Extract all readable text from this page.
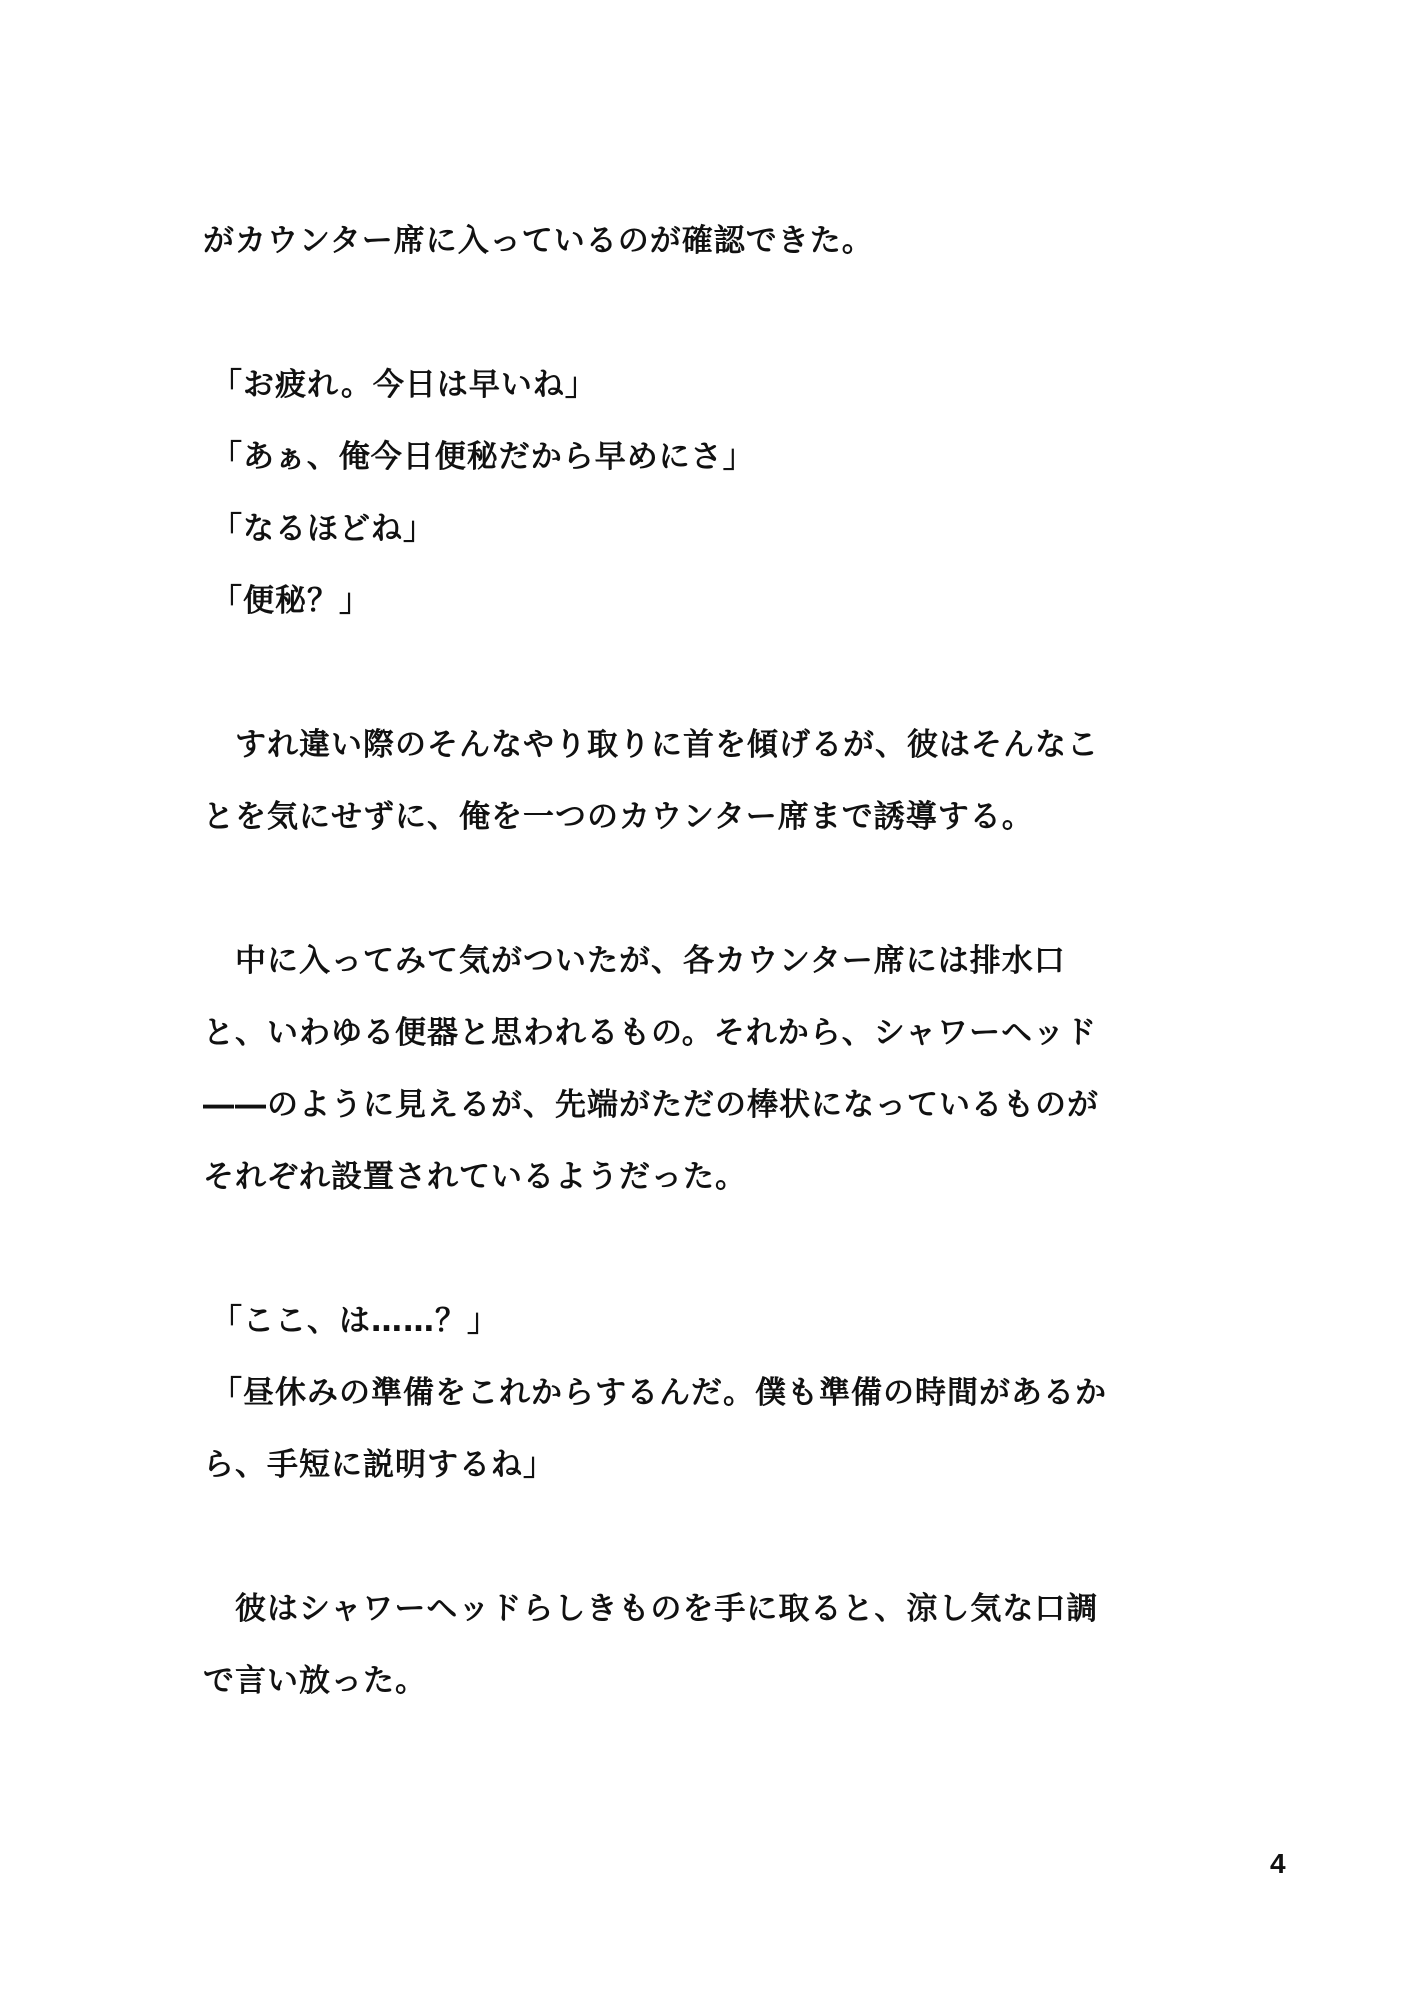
がカウンター席に入っているのが確認できた。
「お疲れ。今日は早いね」
「あぁ、俺今日便秘だから早めにさ」
「なるほどね」
「便秘？」
　すれ違い際のそんなやり取りに首を傾げるが、彼はそんなこ
とを気にせずに、俺を一つのカウンター席まで誘導する。
　中に入ってみて気がついたが、各カウンター席には排水口
と、いわゆる便器と思われるもの。それから、シャワーヘッド
――のように見えるが、先端がただの棒状になっているものが
それぞれ設置されているようだった。
「ここ、は……？」
「昼休みの準備をこれからするんだ。僕も準備の時間があるか
ら、手短に説明するね」
　彼はシャワーヘッドらしきものを手に取ると、涼し気な口調
で言い放った。
4
